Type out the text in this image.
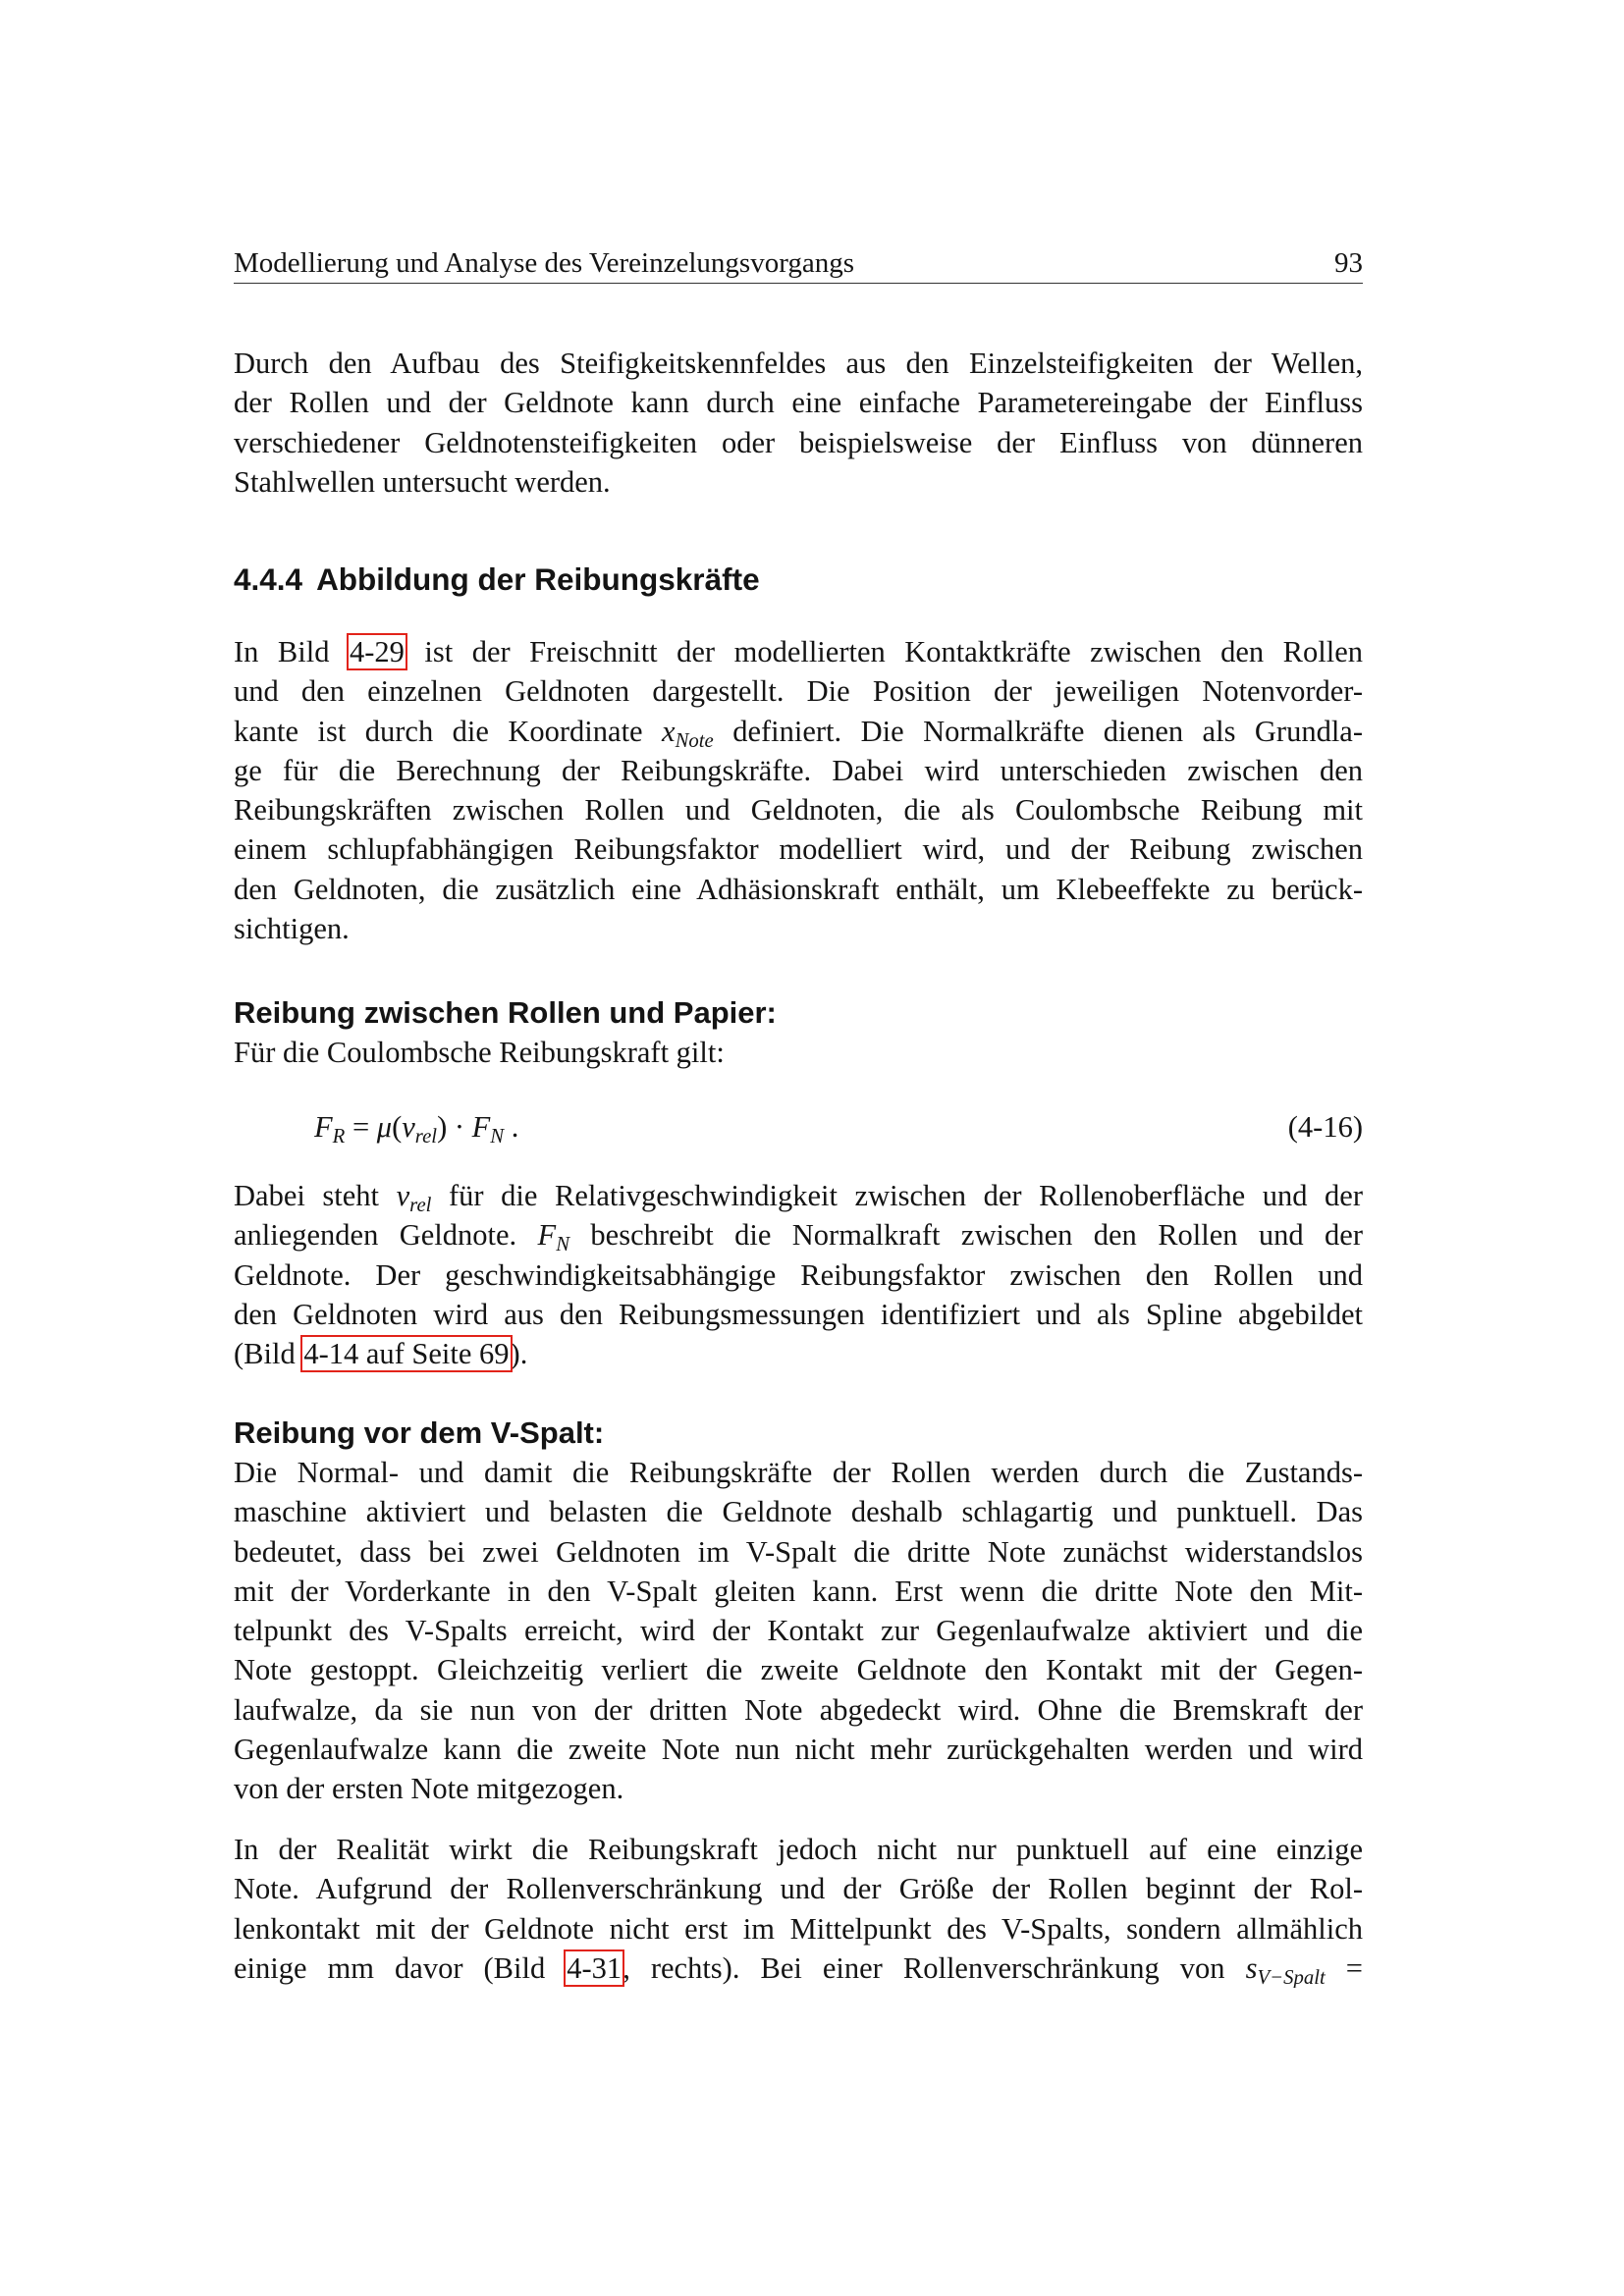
Modellierung und Analyse des Vereinzelungsvorgangs	93
Durch den Aufbau des Steifigkeitskennfeldes aus den Einzelsteifigkeiten der Wellen,
der Rollen und der Geldnote kann durch eine einfache Parametereingabe der Einfluss
verschiedener Geldnotensteifigkeiten oder beispielsweise der Einfluss von dünneren
Stahlwellen untersucht werden.
4.4.4 Abbildung der Reibungskräfte
In Bild 4-29 ist der Freischnitt der modellierten Kontaktkräfte zwischen den Rollen
und den einzelnen Geldnoten dargestellt. Die Position der jeweiligen Notenvorder-
kante ist durch die Koordinate $x_{Note}$ definiert. Die Normalkräfte dienen als Grundla-
ge für die Berechnung der Reibungskräfte. Dabei wird unterschieden zwischen den
Reibungskräften zwischen Rollen und Geldnoten, die als Coulombsche Reibung mit
einem schlupfabhängigen Reibungsfaktor modelliert wird, und der Reibung zwischen
den Geldnoten, die zusätzlich eine Adhäsionskraft enthält, um Klebeeffekte zu berück-
sichtigen.
Reibung zwischen Rollen und Papier:
Für die Coulombsche Reibungskraft gilt:
$F_R = \mu(v_{rel}) \cdot F_N$ .	(4-16)
Dabei steht $v_{rel}$ für die Relativgeschwindigkeit zwischen der Rollenoberfläche und der
anliegenden Geldnote. $F_N$ beschreibt die Normalkraft zwischen den Rollen und der
Geldnote. Der geschwindigkeitsabhängige Reibungsfaktor zwischen den Rollen und
den Geldnoten wird aus den Reibungsmessungen identifiziert und als Spline abgebildet
(Bild 4-14 auf Seite 69).
Reibung vor dem V-Spalt:
Die Normal- und damit die Reibungskräfte der Rollen werden durch die Zustands-
maschine aktiviert und belasten die Geldnote deshalb schlagartig und punktuell. Das
bedeutet, dass bei zwei Geldnoten im V-Spalt die dritte Note zunächst widerstandslos
mit der Vorderkante in den V-Spalt gleiten kann. Erst wenn die dritte Note den Mit-
telpunkt des V-Spalts erreicht, wird der Kontakt zur Gegenlaufwalze aktiviert und die
Note gestoppt. Gleichzeitig verliert die zweite Geldnote den Kontakt mit der Gegen-
laufwalze, da sie nun von der dritten Note abgedeckt wird. Ohne die Bremskraft der
Gegenlaufwalze kann die zweite Note nun nicht mehr zurückgehalten werden und wird
von der ersten Note mitgezogen.
In der Realität wirkt die Reibungskraft jedoch nicht nur punktuell auf eine einzige
Note. Aufgrund der Rollenverschränkung und der Größe der Rollen beginnt der Rol-
lenkontakt mit der Geldnote nicht erst im Mittelpunkt des V-Spalts, sondern allmählich
einige mm davor (Bild 4-31, rechts). Bei einer Rollenverschränkung von $s_{V-Spalt}$ =
